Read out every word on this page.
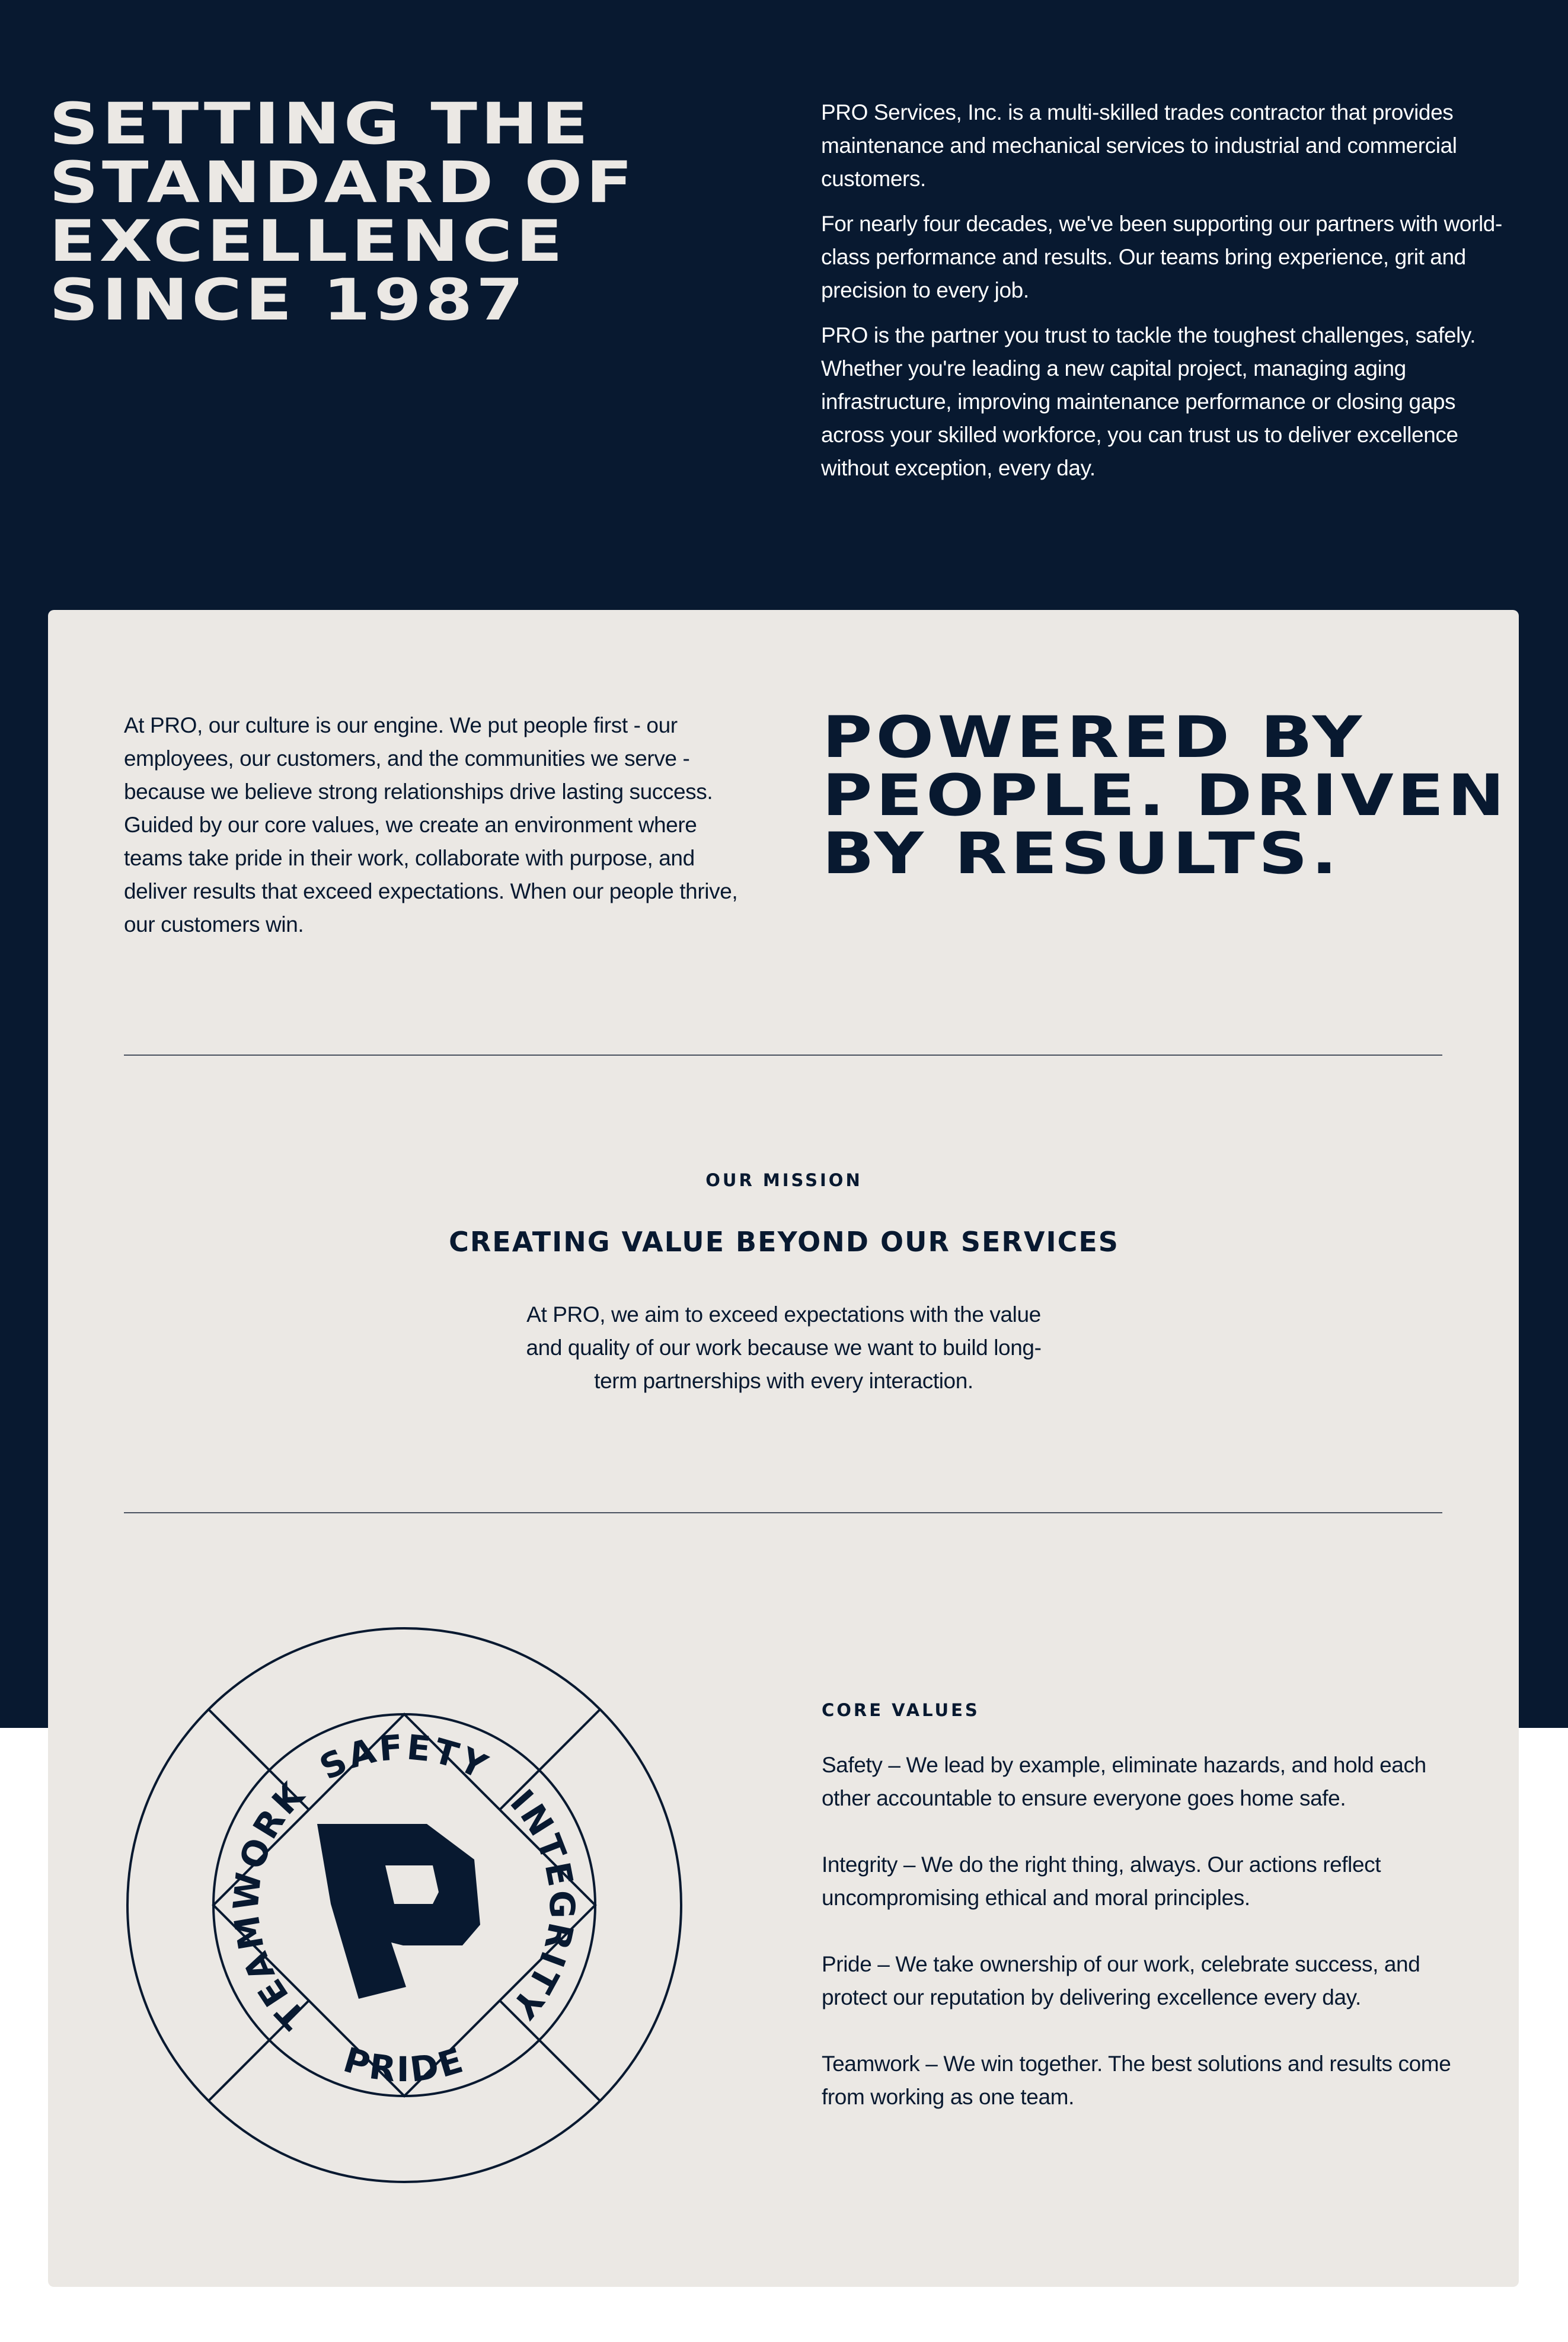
SETTING THE STANDARD OF EXCELLENCE SINCE 1987

PRO Services, Inc. is a multi-skilled trades contractor that provides maintenance and mechanical services to industrial and commercial customers.

For nearly four decades, we've been supporting our partners with world-class performance and results. Our teams bring experience, grit and precision to every job.

PRO is the partner you trust to tackle the toughest challenges, safely. Whether you're leading a new capital project, managing aging infrastructure, improving maintenance performance or closing gaps across your skilled workforce, you can trust us to deliver excellence without exception, every day.

At PRO, our culture is our engine. We put people first - our employees, our customers, and the communities we serve - because we believe strong relationships drive lasting success. Guided by our core values, we create an environment where teams take pride in their work, collaborate with purpose, and deliver results that exceed expectations. When our people thrive, our customers win.

POWERED BY PEOPLE. DRIVEN BY RESULTS.
OUR MISSION
CREATING VALUE BEYOND OUR SERVICES

At PRO, we aim to exceed expectations with the value and quality of our work because we want to build long-term partnerships with every interaction.

SAFETY
INTEGRITY
PRIDE
TEAMWORK
CORE VALUES

Safety – We lead by example, eliminate hazards, and hold each other accountable to ensure everyone goes home safe.

Integrity – We do the right thing, always. Our actions reflect uncompromising ethical and moral principles.

Pride – We take ownership of our work, celebrate success, and protect our reputation by delivering excellence every day.

Teamwork – We win together. The best solutions and results come from working as one team.
